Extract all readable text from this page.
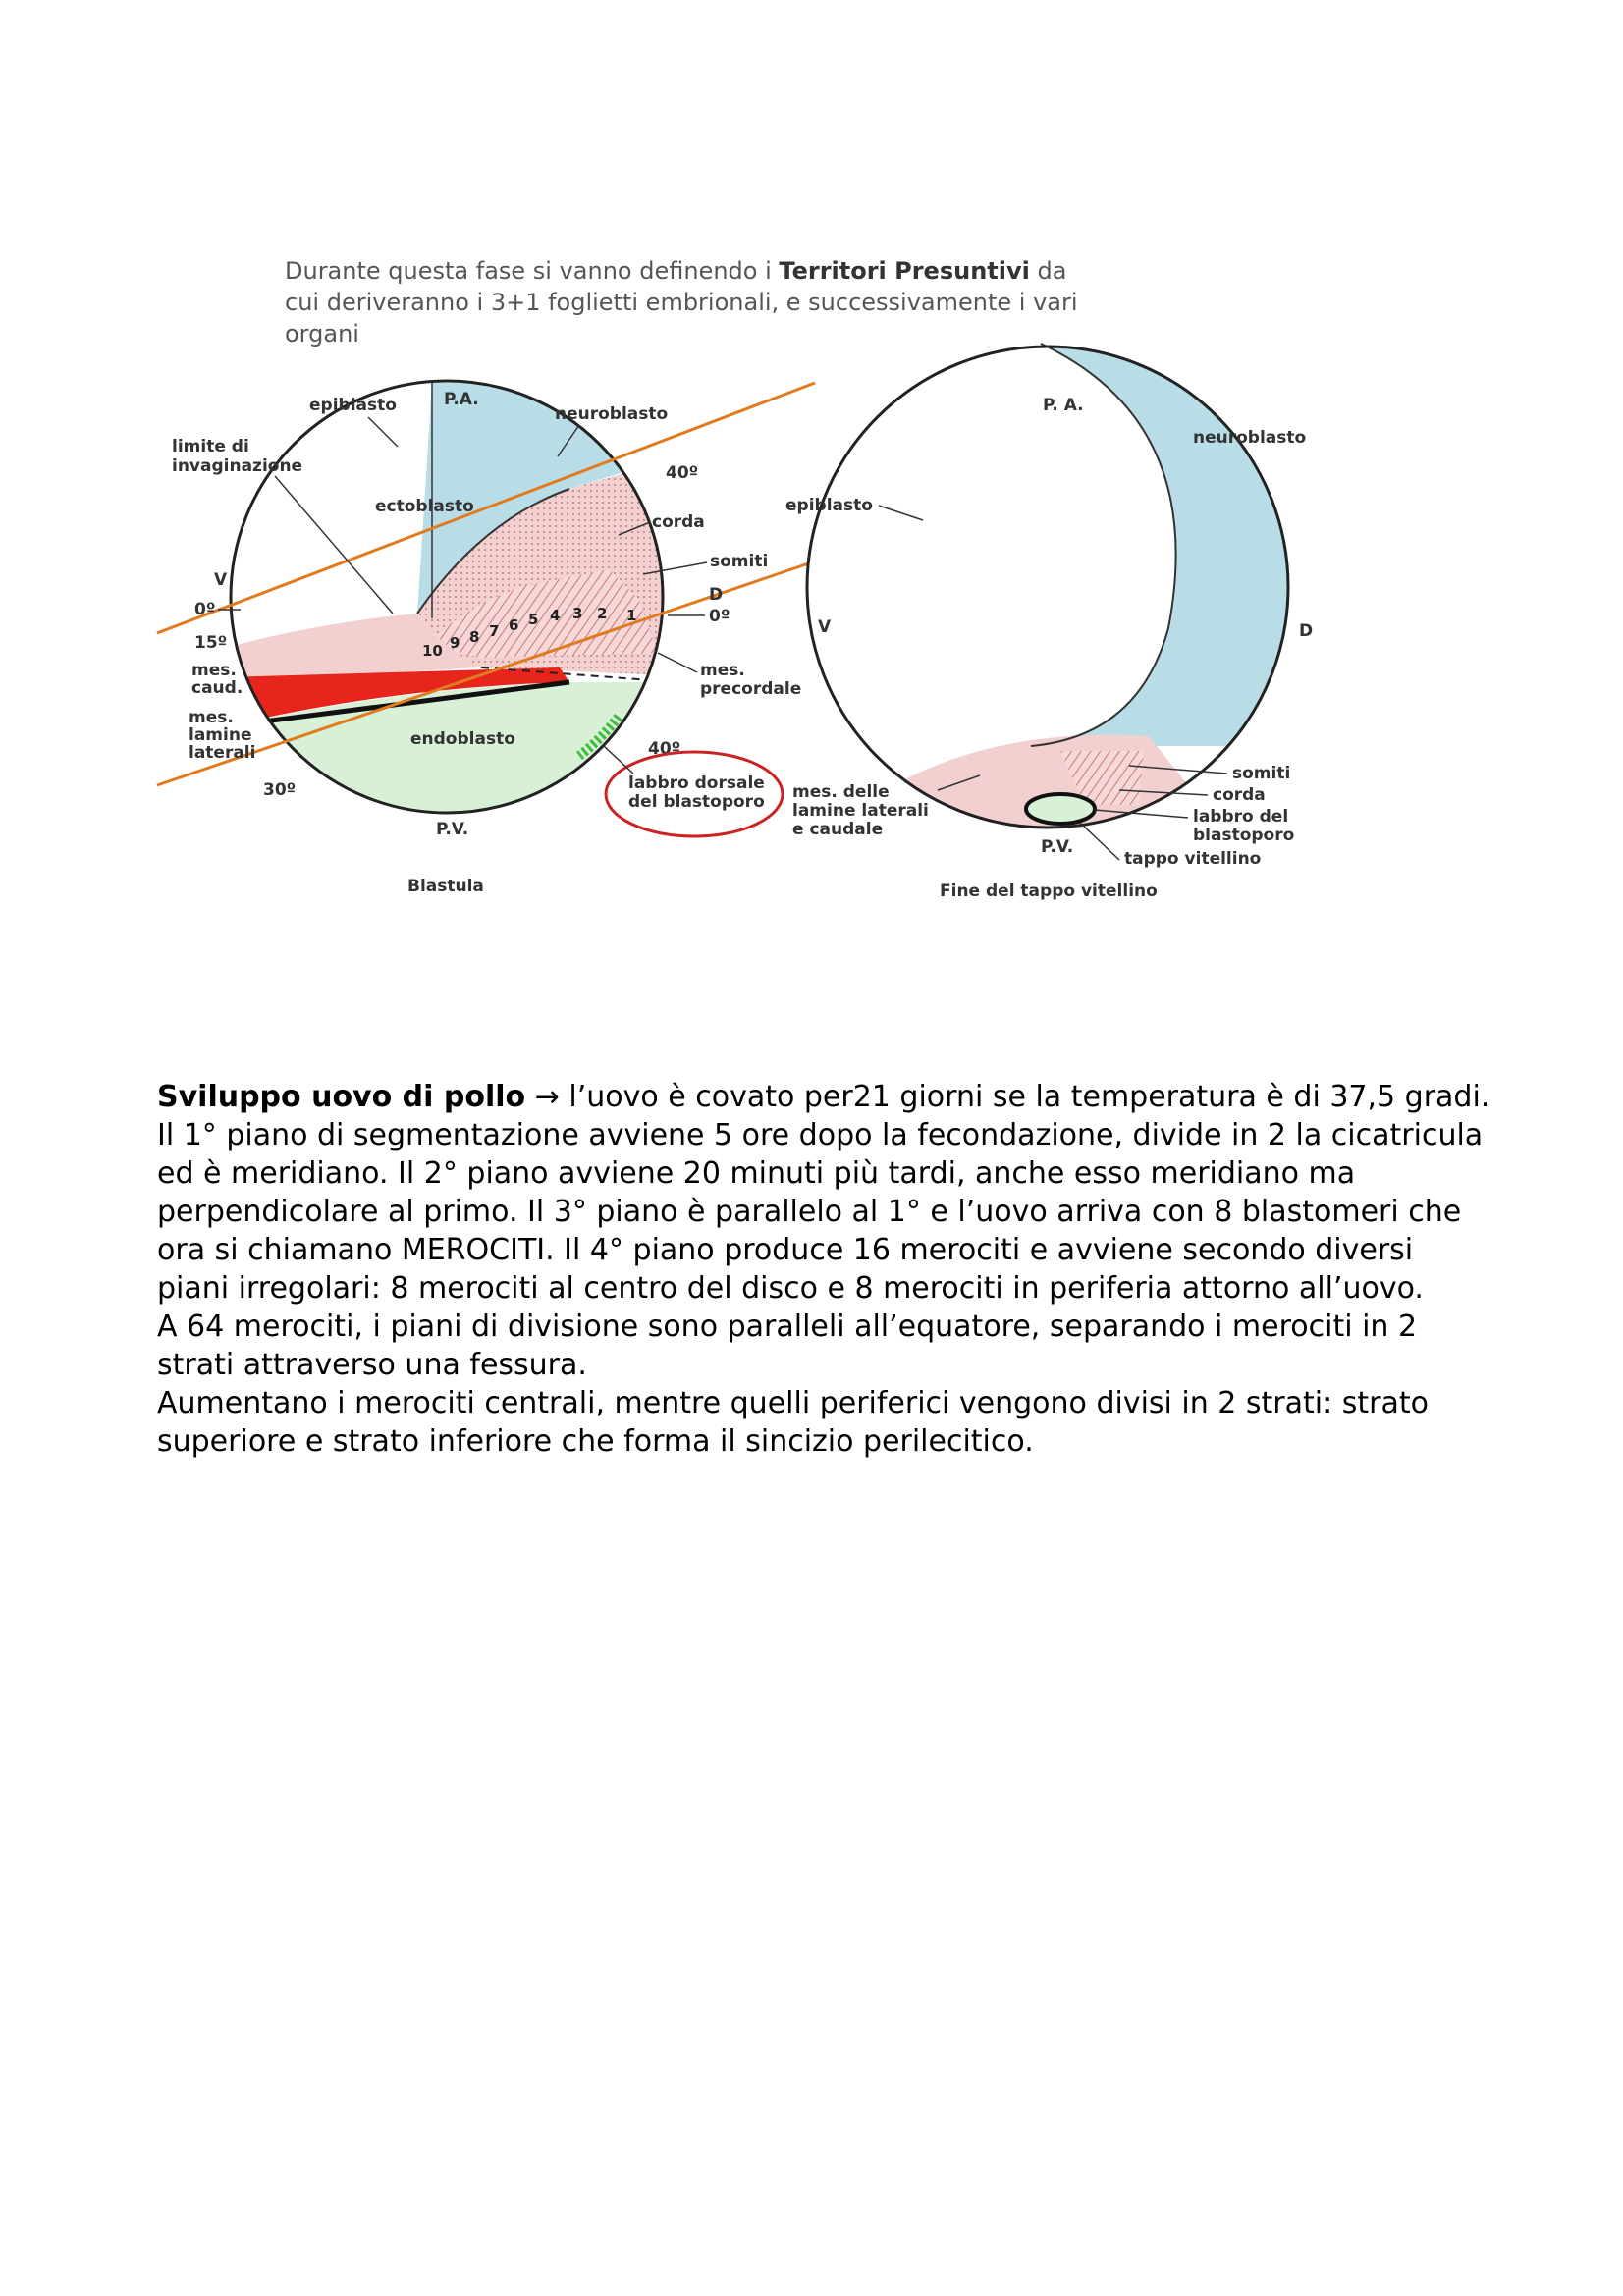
Durante questa fase si vanno definendo i Territori Presuntivi da
cui deriveranno i 3+1 foglietti embrionali, e successivamente i vari
organi
1
2
3
4
5
6
7
8
9
10
epiblasto	P.A.
neuroblasto
limite di
invaginazione
ectoblasto
corda
somiti
D
0º
V
0º
15º
40º
mes.
caud.
mes.
lamine
laterali
mes.
precordale
endoblasto	40º
30º	labbro dorsale
del blastoporo
P.V.
Blastula
P. A.
neuroblasto
epiblasto
V	D
mes. delle
lamine laterali
e caudale
somiti
corda
labbro del
blastoporo
P.V.
tappo vitellino
Fine del tappo vitellino

Sviluppo uovo di pollo → l’uovo è covato per21 giorni se la temperatura è di 37,5 gradi. Il 1° piano di segmentazione avviene 5 ore dopo la fecondazione, divide in 2 la cicatricula ed è meridiano. Il 2° piano avviene 20 minuti più tardi, anche esso meridiano ma perpendicolare al primo. Il 3° piano è parallelo al 1° e l’uovo arriva con 8 blastomeri che ora si chiamano MEROCITI. Il 4° piano produce 16 merociti e avviene secondo diversi piani irregolari: 8 merociti al centro del disco e 8 merociti in periferia attorno all’uovo.

A 64 merociti, i piani di divisione sono paralleli all’equatore, separando i merociti in 2 strati attraverso una fessura.

Aumentano i merociti centrali, mentre quelli periferici vengono divisi in 2 strati: strato superiore e strato inferiore che forma il sincizio perilecitico.
